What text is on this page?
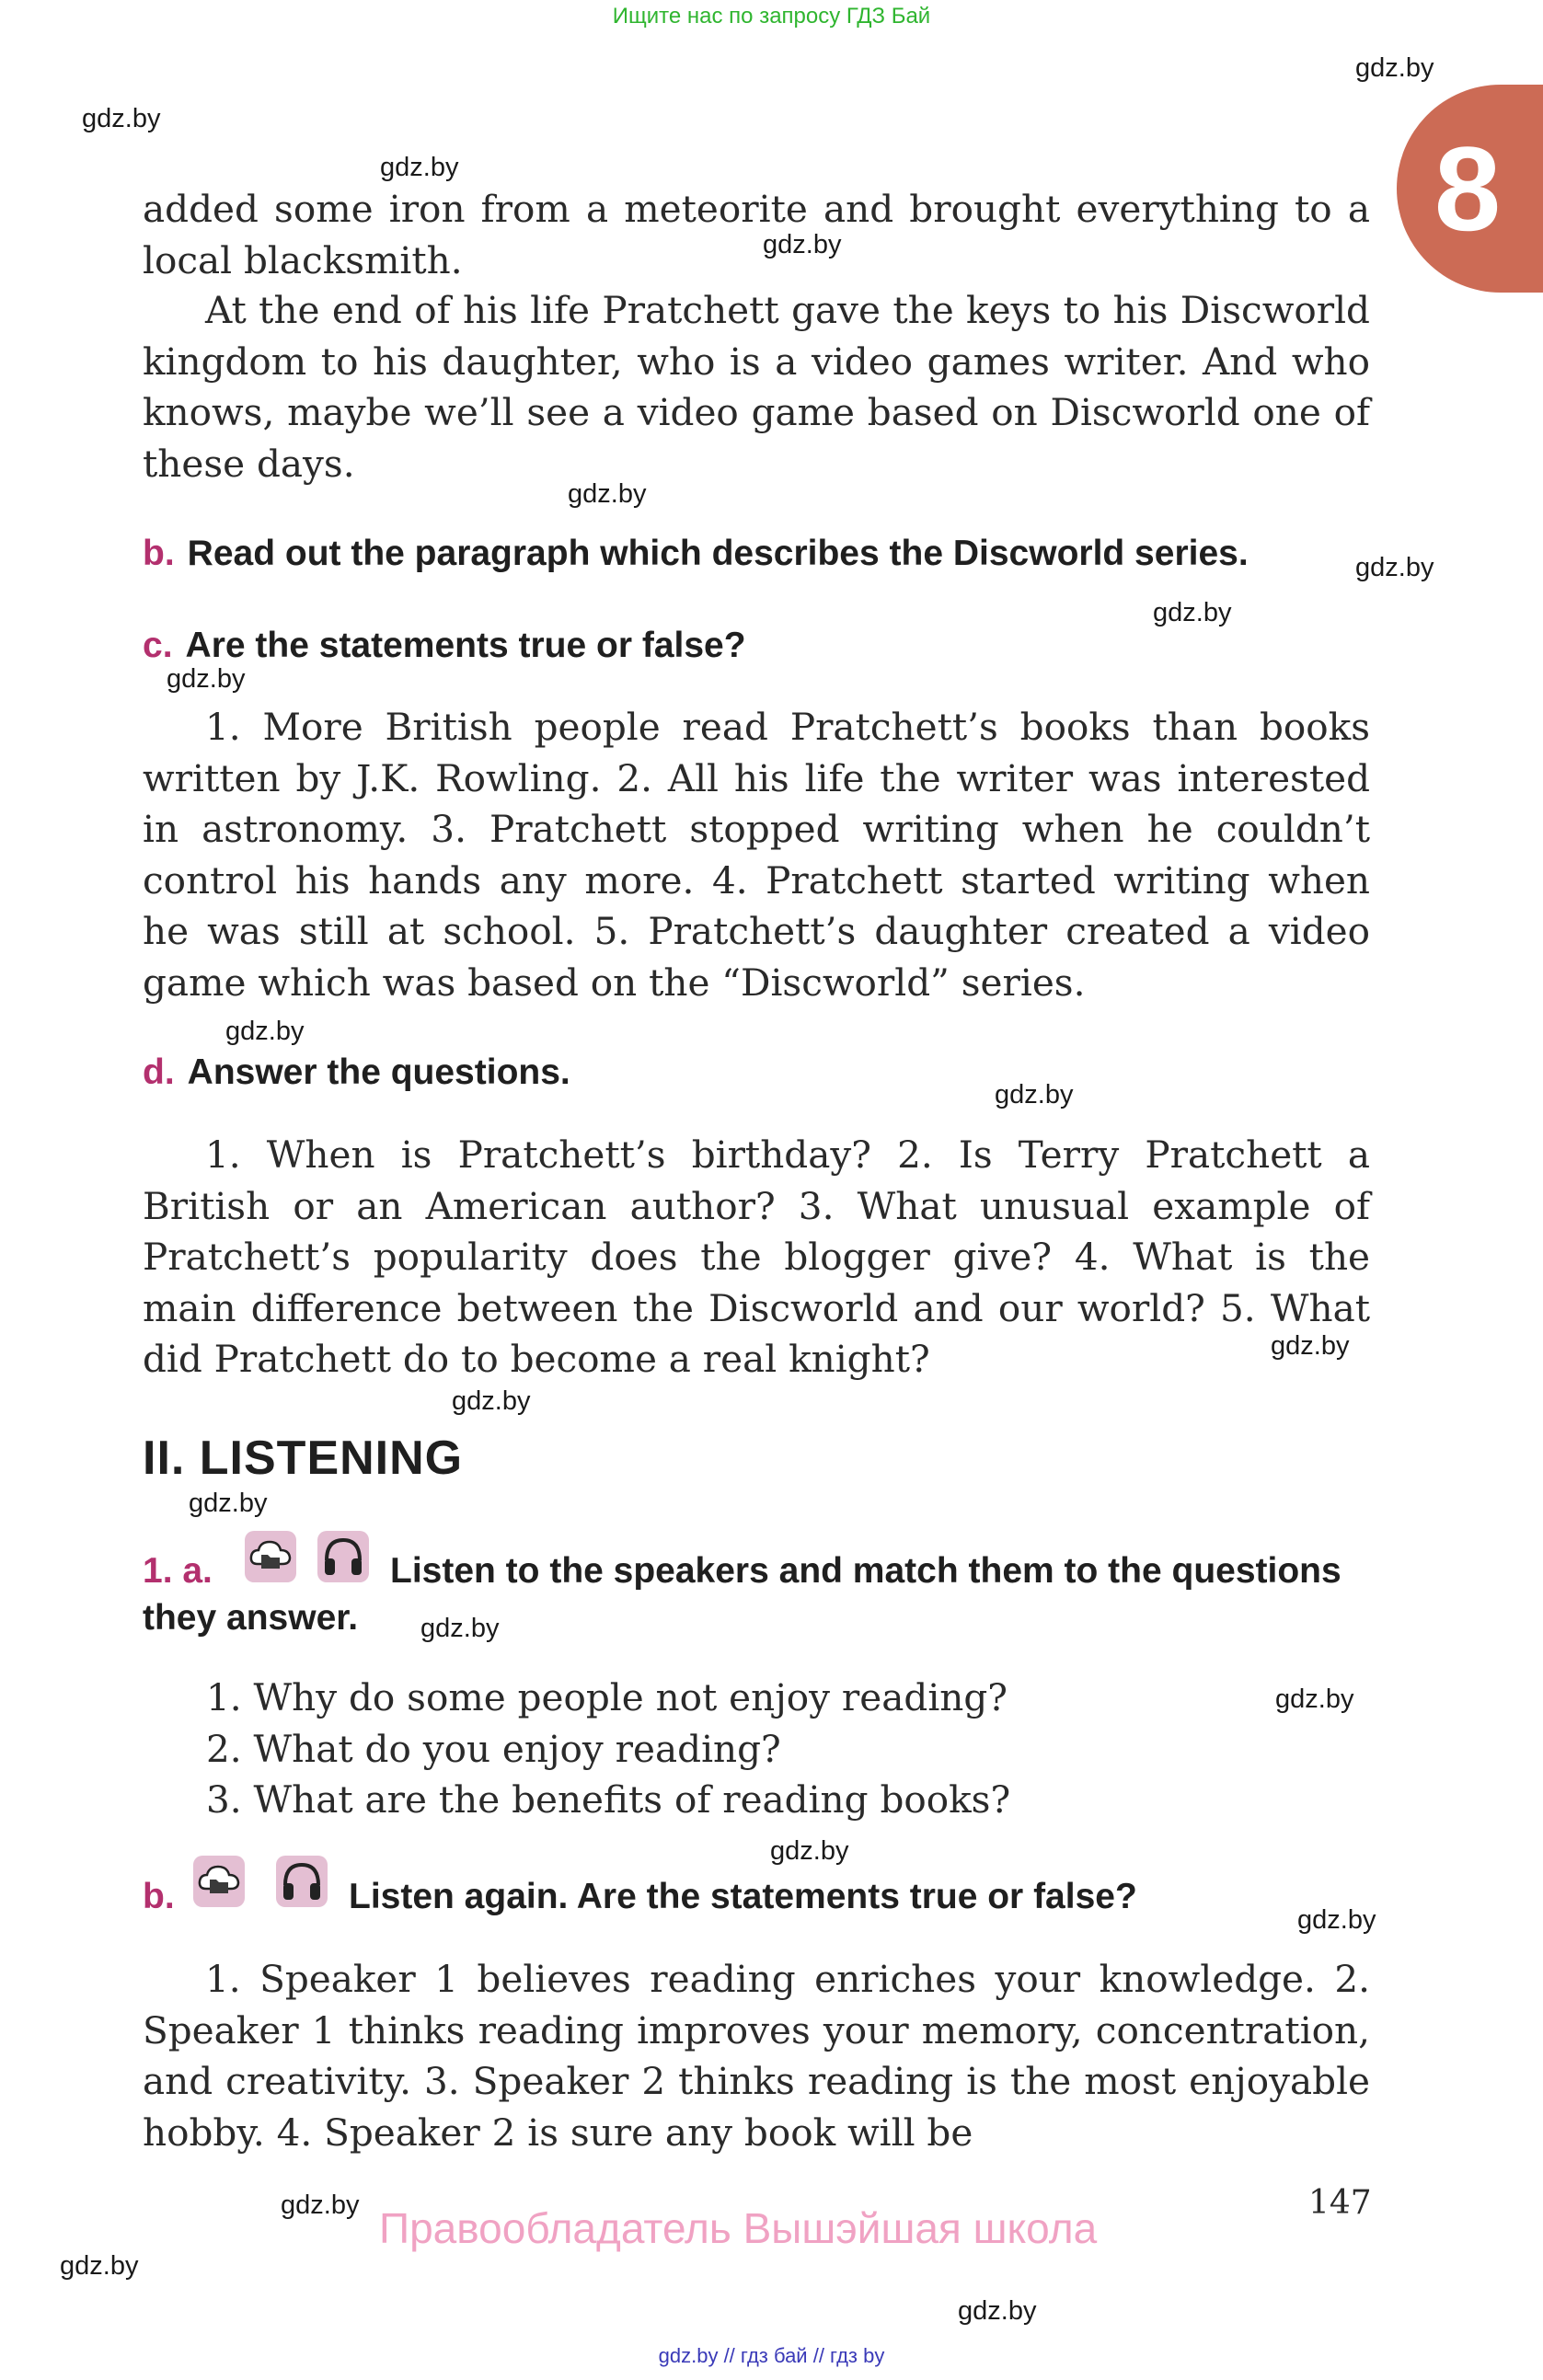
Ищите нас по запросу ГДЗ Бай
8
gdz.by
gdz.by
gdz.by
gdz.by
gdz.by
gdz.by
gdz.by
gdz.by
gdz.by
gdz.by
gdz.by
gdz.by
gdz.by
gdz.by
gdz.by
gdz.by
gdz.by
gdz.by
gdz.by
gdz.by
added some iron from a meteorite and brought everything to a local blacksmith.
At the end of his life Pratchett gave the keys to his Discworld kingdom to his daughter, who is a video games writer. And who knows, maybe we’ll see a video game based on Discworld one of these days.
b. Read out the paragraph which describes the Discworld series.
c. Are the statements true or false?
1. More British people read Pratchett’s books than books written by J.K. Rowling. 2. All his life the writer was interested in astronomy. 3. Pratchett stopped writing when he couldn’t control his hands any more. 4. Pratchett started writing when he was still at school. 5. Pratchett’s daughter created a video game which was based on the “Discworld” series.
d. Answer the questions.
1. When is Pratchett’s birthday? 2. Is Terry Pratchett a British or an American author? 3. What unusual example of Pratchett’s popularity does the blogger give? 4. What is the main difference between the Discworld and our world? 5. What did Pratchett do to become a real knight?
II. LISTENING
1. a.	Listen to the speakers and match them to the questions
they answer.
1. Why do some people not enjoy reading?
2. What do you enjoy reading?
3. What are the benefits of reading books?
b.	Listen again. Are the statements true or false?
1. Speaker 1 believes reading enriches your knowledge. 2. Speaker 1 thinks reading improves your memory, concentration, and creativity. 3. Speaker 2 thinks reading is the most enjoyable hobby. 4. Speaker 2 is sure any book will be
147
Правообладатель Вышэйшая школа
gdz.by // гдз бай // гдз by
